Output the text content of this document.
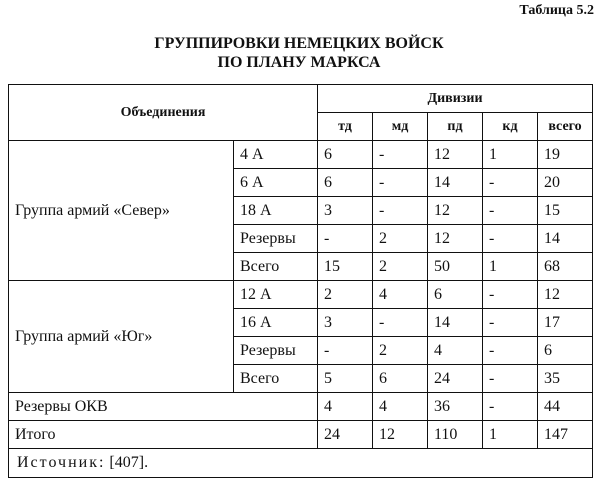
Таблица 5.2
ГРУППИРОВКИ НЕМЕЦКИХ ВОЙСК
ПО ПЛАНУ МАРКСА
Объединения		Дивизии				
		тд	мд	пд	кд	всего
Группа армий «Север»	4 А	6	-	12	1	19
	6 А	6	-	14	-	20
	18 А	3	-	12	-	15
	Резервы	-	2	12	-	14
	Всего	15	2	50	1	68
Группа армий «Юг»	12 А	2	4	6	-	12
	16 А	3	-	14	-	17
	Резервы	-	2	4	-	6
	Всего	5	6	24	-	35
Резервы ОКВ		4	4	36	-	44
Итого		24	12	110	1	147
Источник: [407].						
